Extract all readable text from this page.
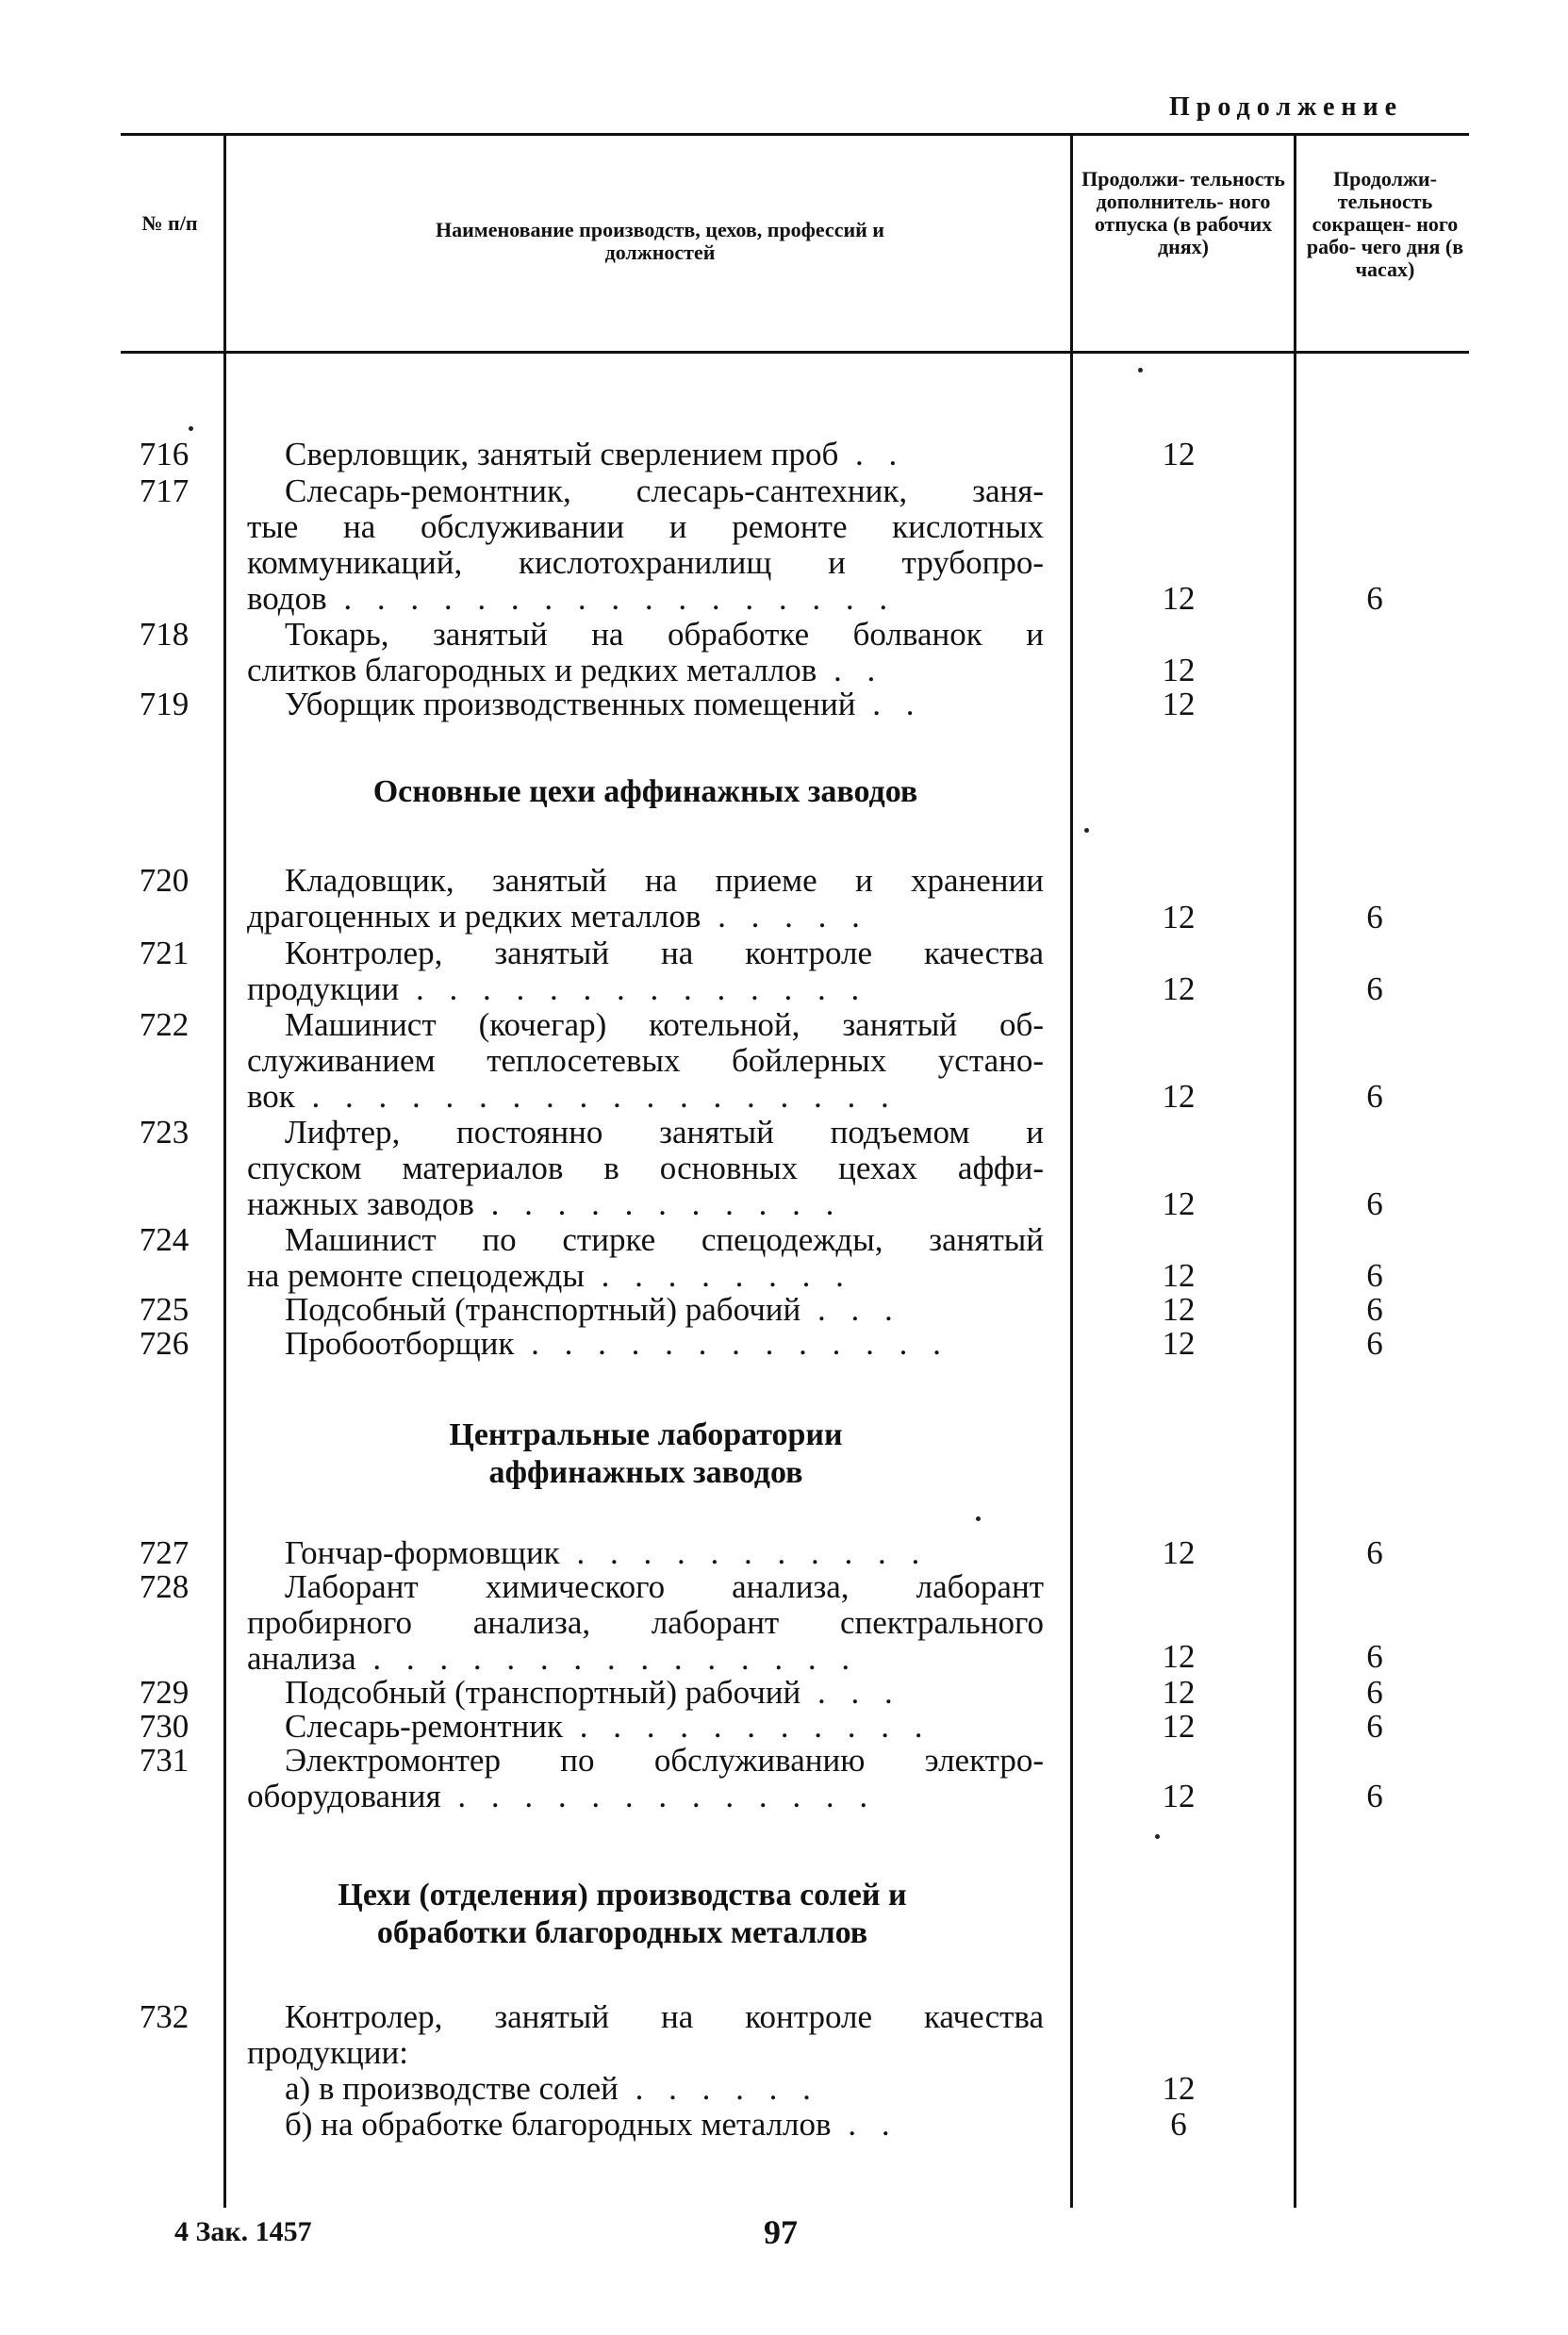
Продолжение
№ п/п	Наименование производств, цехов, профессий и должностей
Продолжи- тельность дополнитель- ного отпуска (в рабочих днях)
Продолжи- тельность сокращен- ного рабо- чего дня (в часах)
716	Сверловщик, занятый сверлением проб . .	12
717	Слесарь-ремонтник, слесарь-сантехник, заня-
тые на обслуживании и ремонте кислотных
коммуникаций, кислотохранилищ и трубопро-
водов . . . . . . . . . . . . . . . . .	12	6
718	Токарь, занятый на обработке болванок и
слитков благородных и редких металлов . .	12
719	Уборщик производственных помещений . .	12
Основные цехи аффинажных заводов
720	Кладовщик, занятый на приеме и хранении
драгоценных и редких металлов . . . . .	12	6
721	Контролер, занятый на контроле качества
продукции . . . . . . . . . . . . . .	12	6
722	Машинист (кочегар) котельной, занятый об-
служиванием теплосетевых бойлерных устано-
вок . . . . . . . . . . . . . . . . . .	12	6
723	Лифтер, постоянно занятый подъемом и
спуском материалов в основных цехах аффи-
нажных заводов . . . . . . . . . . .	12	6
724	Машинист по стирке спецодежды, занятый
на ремонте спецодежды . . . . . . . .	12	6
725	Подсобный (транспортный) рабочий . . .	12	6
726	Пробоотборщик . . . . . . . . . . . . .	12	6
Центральные лаборатории аффинажных заводов
727	Гончар-формовщик . . . . . . . . . . .	12	6
728	Лаборант химического анализа, лаборант
пробирного анализа, лаборант спектрального
анализа . . . . . . . . . . . . . . .	12	6
729	Подсобный (транспортный) рабочий . . .	12	6
730	Слесарь-ремонтник . . . . . . . . . . .	12	6
731	Электромонтер по обслуживанию электро-
оборудования . . . . . . . . . . . . .	12	6
Цехи (отделения) производства солей и обработки благородных металлов
732	Контролер, занятый на контроле качества
продукции:
а) в производстве солей . . . . . .	12
б) на обработке благородных металлов . .	6
4 Зак. 1457	97
